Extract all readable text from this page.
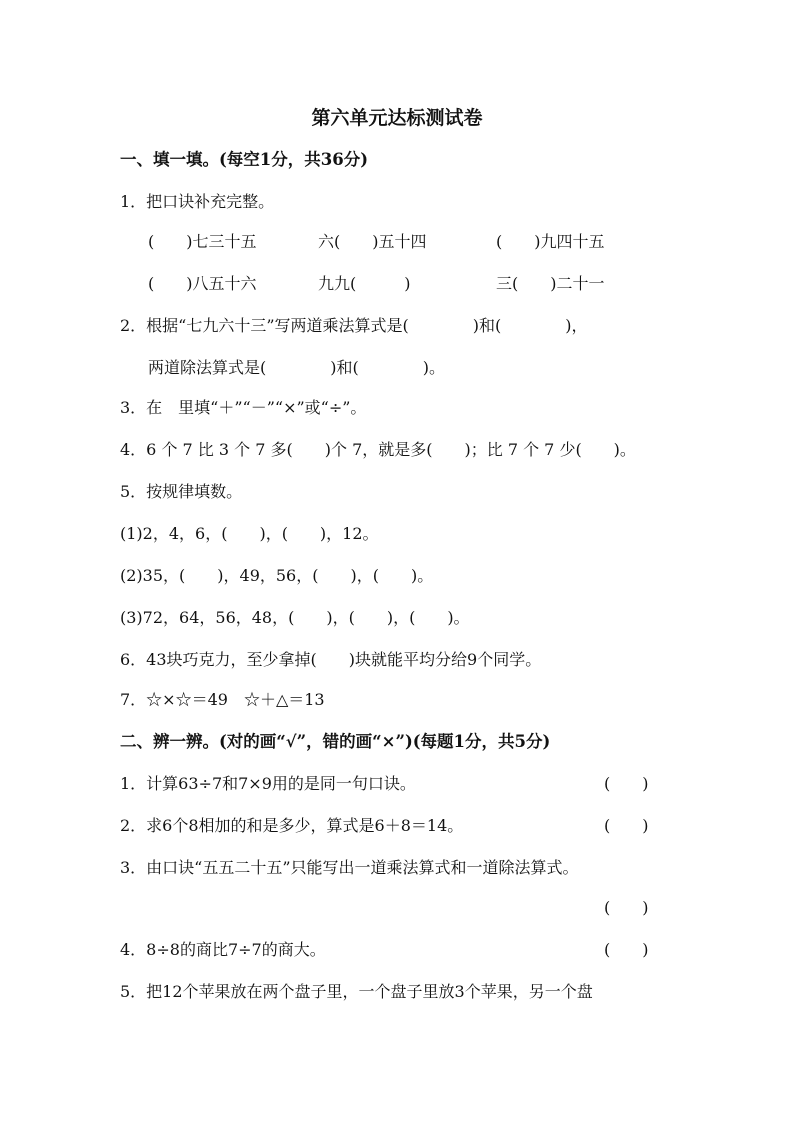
第六单元达标测试卷
一、填一填。(每空1分，共36分)
1．把口诀补充完整。
(　　)七三十五	六(　　)五十四	(　　)九四十五
(　　)八五十六	九九(　　　)	三(　　)二十一
2．根据“七九六十三”写两道乘法算式是(　　　　)和(　　　　)，
两道除法算式是(　　　　)和(　　　　)。
3．在　里填“＋”“－”“×”或“÷”。
4．6 个 7 比 3 个 7 多(　　)个 7，就是多(　　)；比 7 个 7 少(　　)。
5．按规律填数。
(1)2，4，6，(　　)，(　　)，12。
(2)35，(　　)，49，56，(　　)，(　　)。
(3)72，64，56，48，(　　)，(　　)，(　　)。
6．43块巧克力，至少拿掉(　　)块就能平均分给9个同学。
7．☆×☆＝49　☆＋△＝13
二、辨一辨。(对的画“√”，错的画“×”)(每题1分，共5分)
1．计算63÷7和7×9用的是同一句口诀。	(　　)
2．求6个8相加的和是多少，算式是6＋8＝14。	(　　)
3．由口诀“五五二十五”只能写出一道乘法算式和一道除法算式。
(　　)
4．8÷8的商比7÷7的商大。	(　　)
5．把12个苹果放在两个盘子里，一个盘子里放3个苹果，另一个盘
